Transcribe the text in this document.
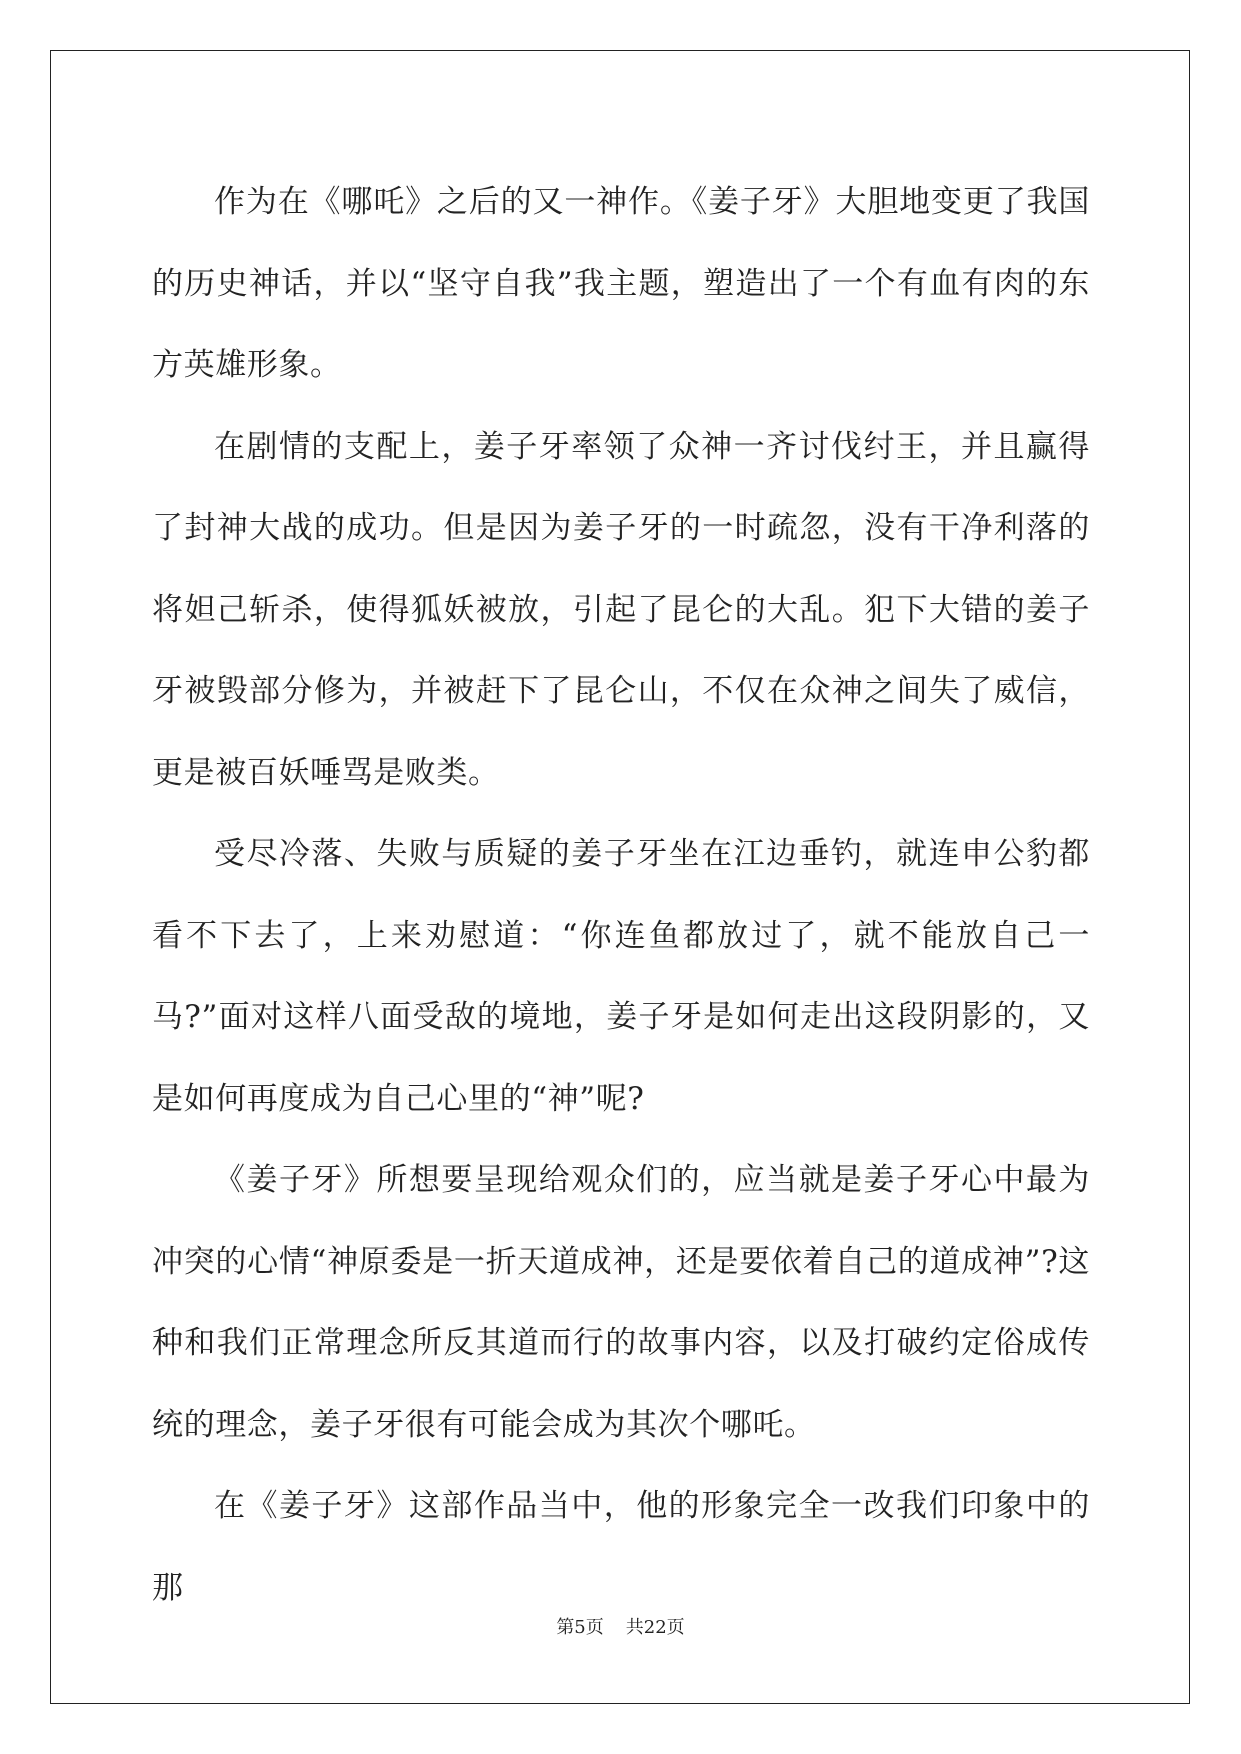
作为在《哪吒》之后的又一神作。《姜子牙》大胆地变更了我国的历史神话，并以“坚守自我”我主题，塑造出了一个有血有肉的东方英雄形象。

在剧情的支配上，姜子牙率领了众神一齐讨伐纣王，并且赢得了封神大战的成功。但是因为姜子牙的一时疏忽，没有干净利落的将妲己斩杀，使得狐妖被放，引起了昆仑的大乱。犯下大错的姜子牙被毁部分修为，并被赶下了昆仑山，不仅在众神之间失了威信，更是被百妖唾骂是败类。

受尽冷落、失败与质疑的姜子牙坐在江边垂钓，就连申公豹都看不下去了，上来劝慰道：“你连鱼都放过了，就不能放自己一马?”面对这样八面受敌的境地，姜子牙是如何走出这段阴影的，又是如何再度成为自己心里的“神”呢?

《姜子牙》所想要呈现给观众们的，应当就是姜子牙心中最为冲突的心情“神原委是一折天道成神，还是要依着自己的道成神”?这种和我们正常理念所反其道而行的故事内容，以及打破约定俗成传统的理念，姜子牙很有可能会成为其次个哪吒。

在《姜子牙》这部作品当中，他的形象完全一改我们印象中的那

第5页 共22页
